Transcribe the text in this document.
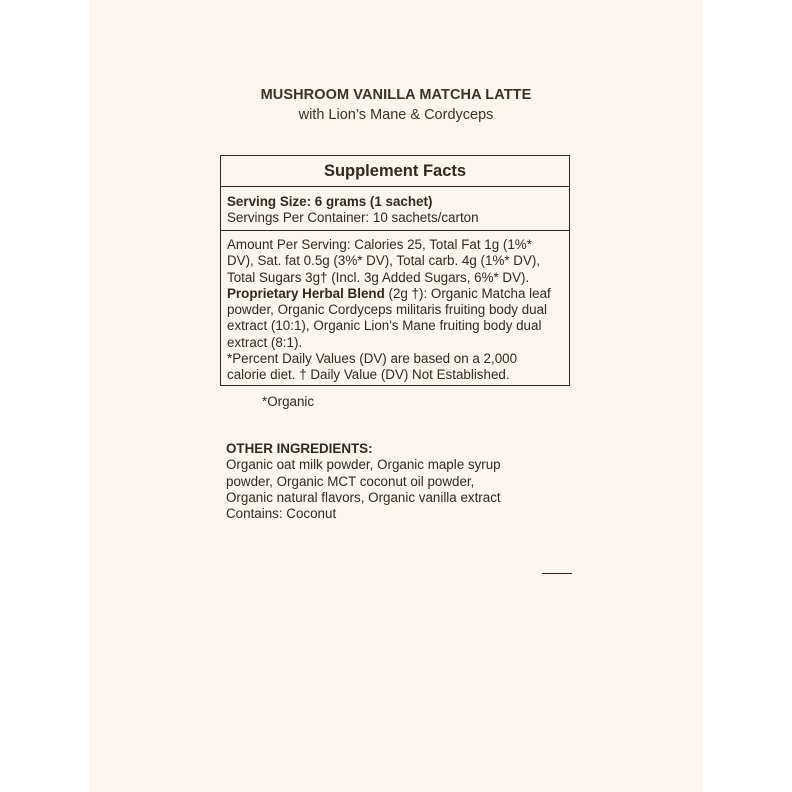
MUSHROOM VANILLA MATCHA LATTE
with Lion’s Mane & Cordyceps
Supplement Facts
Serving Size: 6 grams (1 sachet)
Servings Per Container: 10 sachets/carton
Amount Per Serving: Calories 25, Total Fat 1g (1%*
DV), Sat. fat 0.5g (3%* DV), Total carb. 4g (1%* DV),
Total Sugars 3g† (Incl. 3g Added Sugars, 6%* DV).
Proprietary Herbal Blend (2g †): Organic Matcha leaf
powder, Organic Cordyceps militaris fruiting body dual
extract (10:1), Organic Lion's Mane fruiting body dual
extract (8:1).
*Percent Daily Values (DV) are based on a 2,000
calorie diet. † Daily Value (DV) Not Established.
*Organic
OTHER INGREDIENTS:
Organic oat milk powder, Organic maple syrup
powder, Organic MCT coconut oil powder,
Organic natural flavors, Organic vanilla extract
Contains: Coconut
